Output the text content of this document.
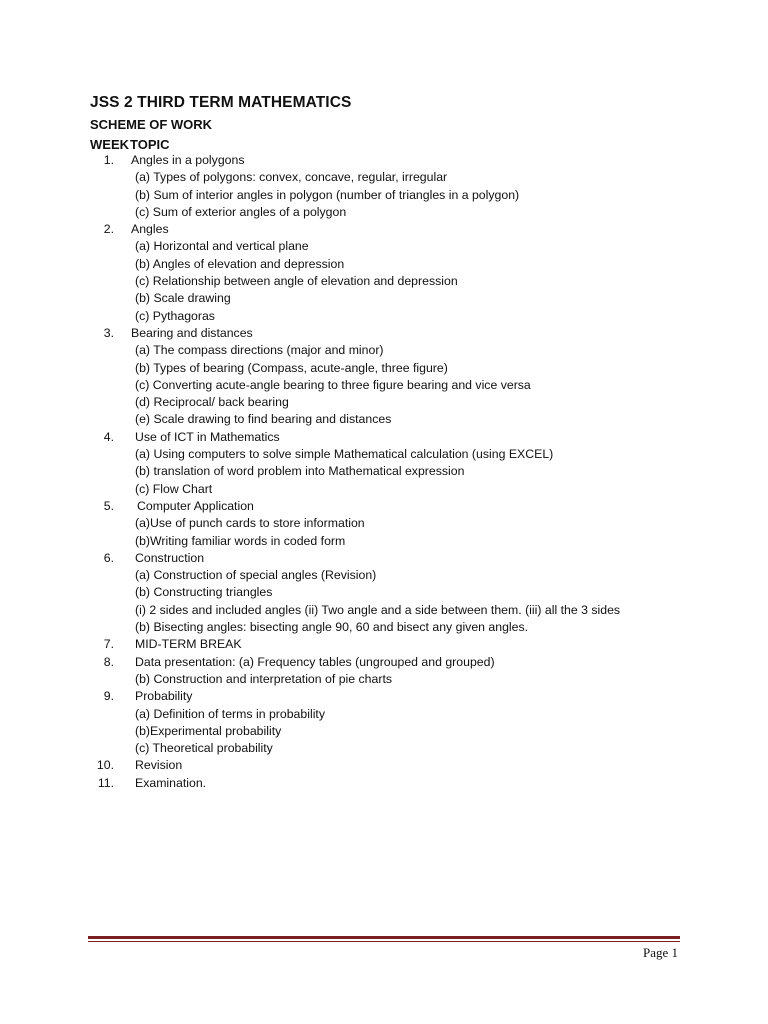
JSS 2 THIRD TERM MATHEMATICS
SCHEME OF WORK
WEEK TOPIC
1. Angles in a polygons
(a) Types of polygons: convex, concave, regular, irregular
(b) Sum of interior angles in polygon (number of triangles in a polygon)
(c) Sum of exterior angles of a polygon
2. Angles
(a) Horizontal and vertical plane
(b) Angles of elevation and depression
(c) Relationship between angle of elevation and depression
(b) Scale drawing
(c) Pythagoras
3. Bearing and distances
(a) The compass directions (major and minor)
(b) Types of bearing (Compass, acute-angle, three figure)
(c) Converting acute-angle bearing to three figure bearing and vice versa
(d) Reciprocal/ back bearing
(e) Scale drawing to find bearing and distances
4. Use of ICT in Mathematics
(a) Using computers to solve simple Mathematical calculation (using EXCEL)
(b) translation of word problem into Mathematical expression
(c) Flow Chart
5. Computer Application
(a)Use of punch cards to store information
(b)Writing familiar words in coded form
6. Construction
(a) Construction of special angles (Revision)
(b) Constructing triangles
(i) 2 sides and included angles (ii) Two angle and a side between them. (iii) all the 3 sides
(b) Bisecting angles: bisecting angle 90, 60 and bisect any given angles.
7. MID-TERM BREAK
8. Data presentation: (a) Frequency tables (ungrouped and grouped)
(b) Construction and interpretation of pie charts
9. Probability
(a) Definition of terms in probability
(b)Experimental probability
(c) Theoretical probability
10. Revision
11. Examination.
Page 1
